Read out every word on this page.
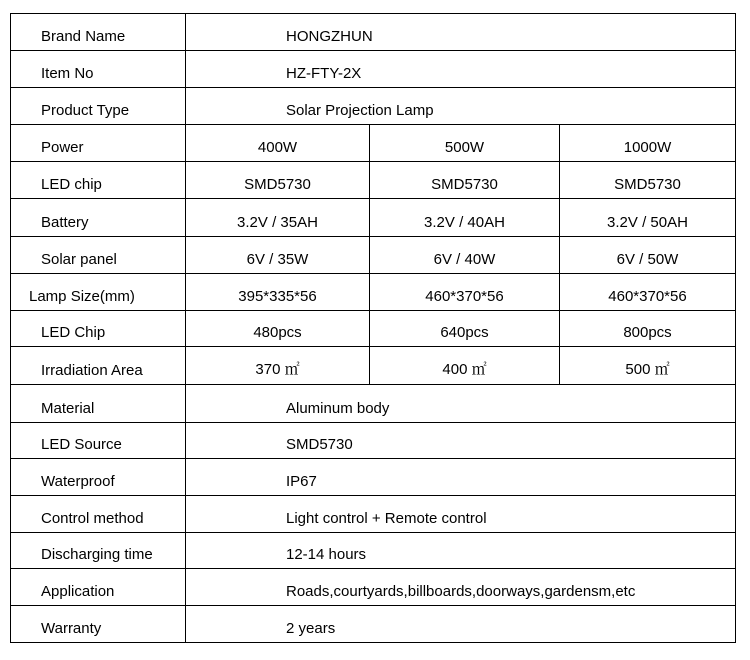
Brand Name	HONGZHUN
Item No	HZ-FTY-2X
Product Type	Solar Projection Lamp
Power	400W	500W	1000W
LED chip	SMD5730	SMD5730	SMD5730
Battery	3.2V / 35AH	3.2V / 40AH	3.2V / 50AH
Solar panel	6V / 35W	6V / 40W	6V / 50W
Lamp Size(mm)	395*335*56	460*370*56	460*370*56
LED Chip	480pcs	640pcs	800pcs
Irradiation Area	370 ㎡	400 ㎡	500 ㎡
Material	Aluminum body
LED Source	SMD5730
Waterproof	IP67
Control method	Light control + Remote control
Discharging time	12-14 hours
Application	Roads,courtyards,billboards,doorways,gardensm,etc
Warranty	2 years
